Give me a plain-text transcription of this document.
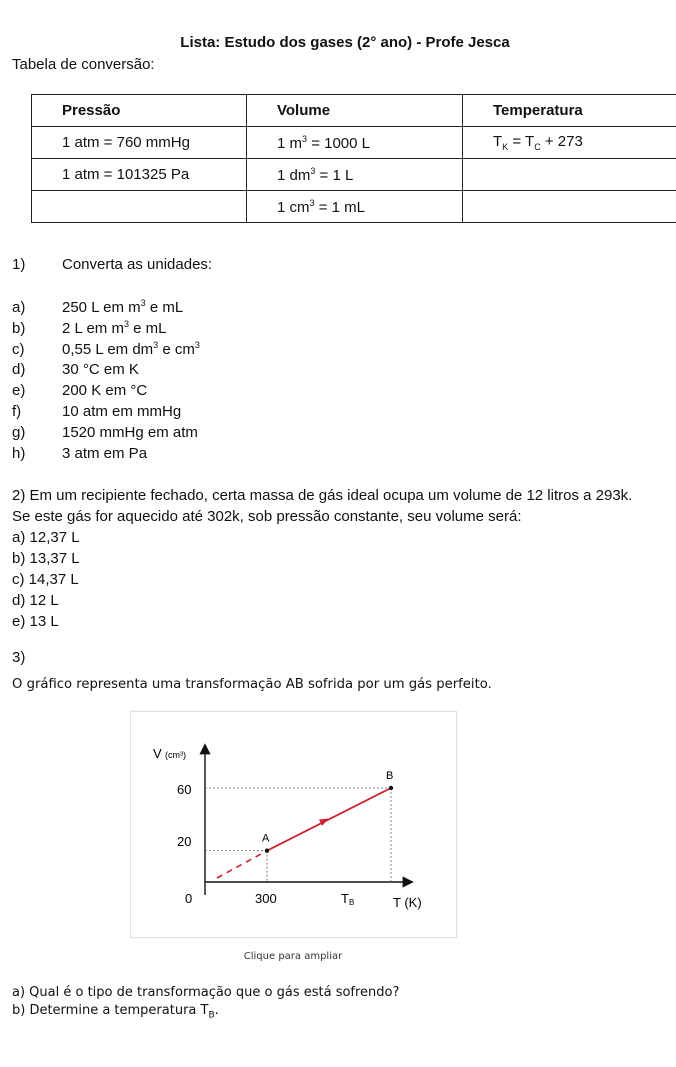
Lista: Estudo dos gases (2° ano) - Profe Jesca
Tabela de conversão:
Pressão	Volume	Temperatura
1 atm = 760 mmHg	1 $m^3 = 1000$ L	$T_K = T_C + 273$
1 atm = 101325 Pa	1 $dm^3 = 1$ L	
	1 $cm^3 = 1$ mL	
1) Converta as unidades:
a) 250 L em $m^3$ e mL
b) 2 L em $m^3$ e mL
c)	0,55 L em $dm^3$ e $cm^3$
d) 30 °C em K
e) 200 K em °C
f)	10 atm em mmHg
g) 1520 mmHg em atm
h) 3 atm em Pa
2) Em um recipiente fechado, certa massa de gás ideal ocupa um volume de 12 litros a 293k.
Se este gás for aquecido até 302k, sob pressão constante, seu volume será:
a) 12,37 L
b) 13,37 L
c) 14,37 L
d) 12 L
e) 13 L
3)
O gráfico representa uma transformação AB sofrida por um gás perfeito.
V (cm³)
60
20
0	300	TB	T (K)
A
B
Clique para ampliar
a) Qual é o tipo de transformação que o gás está sofrendo?
b) Determine a temperatura $T_B$.
